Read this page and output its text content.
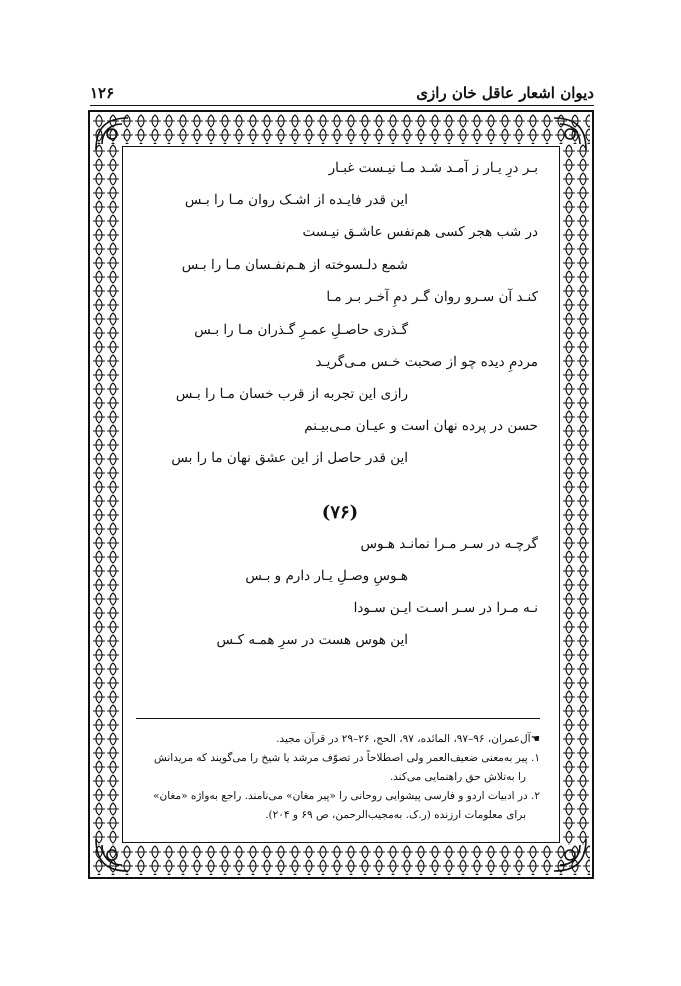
دیوان اشعار عاقل خان رازی
۱۲۶
بـر درِ یـار ز آمـد شـد مـا نیـست غبـار
این قدر فایـده از اشـک روان مـا را بـس
در شب هجر کسی هم‌نفس عاشـق نیـست
شمع دلـسوخته از هـم‌نفـسان مـا را بـس
کنـد آن سـرو روان گـر دمِ آخـر بـر مـا
گـذری حاصـلِ عمـرِ گـذران مـا را بـس
مردمِ دیده چو از صحبت خـس مـی‌گریـد
رازی این تجربه از قرب خسان مـا را بـس
حسن در پرده نهان است و عیـان مـی‌بیـنم
این قدر حاصل از این عشق نهان ما را بس
(۷۶)
گرچـه در سـر مـرا نمانـد هـوس
هـوسِ وصـلِ یـار دارم و بـس
نـه مـرا در سـر اسـت ایـن سـودا
این هوس هست در سرِ همـه کـس

☚آل‌عمران، ۹۶–۹۷، المائده، ۹۷، الحج، ۲۶–۲۹ در قرآن مجید.

۱. پیر به‌معنی ضعیف‌العمر ولی اصطلاحاً در تصوّف مرشد یا شیخ را می‌گویند که مریدانش

را به‌تلاش حق راهنمایی می‌کند.

۲. در ادبیات اردو و فارسی پیشوایی روحانی را «پیر مغان» می‌نامند. راجع به‌واژه «مغان»

برای معلومات ارزنده (ر.ک. به‌مجیب‌الرحمن، ص ۶۹ و ۲۰۴).
